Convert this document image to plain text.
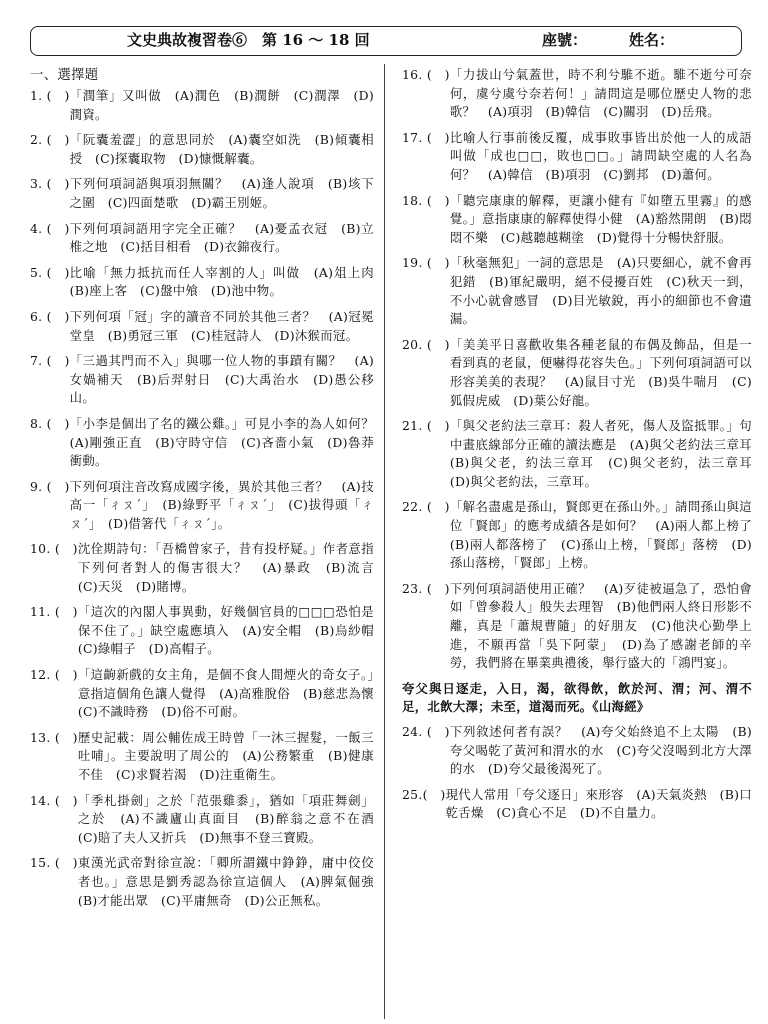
文史典故複習卷⑥　第 16 ～ 18 回	座號：	姓名：
一、選擇題
1. (　) 「潤筆」又叫做　(A)潤色　(B)潤餅　(C)潤澤　(D)潤資。
2. (　) 「阮囊羞澀」的意思同於　(A)囊空如洗　(B)傾囊相授　(C)探囊取物　(D)慷慨解囊。
3. (　) 下列何項詞語與項羽無關？　(A)逢人說項　(B)垓下之圍　(C)四面楚歌　(D)霸王別姬。
4. (　) 下列何項詞語用字完全正確？　(A)憂孟衣冠　(B)立椎之地　(C)括目相看　(D)衣錦夜行。
5. (　) 比喻「無力抵抗而任人宰割的人」叫做　(A)俎上肉　(B)座上客　(C)盤中飧　(D)池中物。
6. (　) 下列何項「冠」字的讀音不同於其他三者？　(A)冠冕堂皇　(B)勇冠三軍　(C)桂冠詩人　(D)沐猴而冠。
7. (　) 「三過其門而不入」與哪一位人物的事蹟有關？　(A)女媧補天　(B)后羿射日　(C)大禹治水　(D)愚公移山。
8. (　) 「小李是個出了名的鐵公雞。」可見小李的為人如何？　(A)剛強正直　(B)守時守信　(C)吝嗇小氣　(D)魯莽衝動。
9. (　) 下列何項注音改寫成國字後，異於其他三者？　(A)技高一「ㄔㄡˊ」　(B)綠野平「ㄔㄡˊ」　(C)拔得頭「ㄔㄡˊ」　(D)借箸代「ㄔㄡˊ」。
10. (　) 沈佺期詩句：「吾橋曾家子，昔有投杼疑。」作者意指下列何者對人的傷害很大？　(A)暴政　(B)流言　(C)天災　(D)賭博。
11. (　) 「這次的內閣人事異動，好幾個官員的□□□恐怕是保不住了。」缺空處應填入　(A)安全帽　(B)烏紗帽　(C)綠帽子　(D)高帽子。
12. (　) 「這齣新戲的女主角，是個不食人間煙火的奇女子。」意指這個角色讓人覺得　(A)高雅脫俗　(B)慈悲為懷　(C)不識時務　(D)俗不可耐。
13. (　) 歷史記載：周公輔佐成王時曾「一沐三握髮，一飯三吐哺」。主要說明了周公的　(A)公務繁重　(B)健康不佳　(C)求賢若渴　(D)注重衛生。
14. (　) 「季札掛劍」之於「范張雞黍」，猶如「項莊舞劍」之於　(A)不識廬山真面目　(B)醉翁之意不在酒　(C)賠了夫人又折兵　(D)無事不登三寶殿。
15. (　) 東漢光武帝對徐宣說：「卿所謂鐵中錚錚，庸中佼佼者也。」意思是劉秀認為徐宣這個人　(A)脾氣倔強　(B)才能出眾　(C)平庸無奇　(D)公正無私。
16. (　) 「力拔山兮氣蓋世，時不利兮騅不逝。騅不逝兮可奈何，虞兮虞兮奈若何！」請問這是哪位歷史人物的悲歌？　(A)項羽　(B)韓信　(C)關羽　(D)岳飛。
17. (　) 比喻人行事前後反覆，成事敗事皆出於他一人的成語叫做「成也□□，敗也□□。」請問缺空處的人名為何？　(A)韓信　(B)項羽　(C)劉邦　(D)蕭何。
18. (　) 「聽完康康的解釋，更讓小健有『如墮五里霧』的感覺。」意指康康的解釋使得小健　(A)豁然開朗　(B)悶悶不樂　(C)越聽越糊塗　(D)覺得十分暢快舒服。
19. (　) 「秋毫無犯」一詞的意思是　(A)只要細心，就不會再犯錯　(B)軍紀嚴明，絕不侵擾百姓　(C)秋天一到，不小心就會感冒　(D)目光敏銳，再小的細節也不會遺漏。
20. (　) 「美美平日喜歡收集各種老鼠的布偶及飾品，但是一看到真的老鼠，便嚇得花容失色。」下列何項詞語可以形容美美的表現？　(A)鼠目寸光　(B)吳牛喘月　(C)狐假虎威　(D)葉公好龍。
21. (　) 「與父老約法三章耳：殺人者死，傷人及盜抵罪。」句中畫底線部分正確的讀法應是　(A)與父老約法三章耳　(B)與父老，約法三章耳　(C)與父老約，法三章耳　(D)與父老約法，三章耳。
22. (　) 「解名盡處是孫山，賢郎更在孫山外。」請問孫山與這位「賢郎」的應考成績各是如何？　(A)兩人都上榜了　(B)兩人都落榜了　(C)孫山上榜，「賢郎」落榜　(D)孫山落榜，「賢郎」上榜。
23. (　) 下列何項詞語使用正確？　(A)歹徒被逼急了，恐怕會如「曾參殺人」般失去理智　(B)他們兩人終日形影不離，真是「蕭規曹隨」的好朋友　(C)他決心勤學上進，不願再當「吳下阿蒙」　(D)為了感謝老師的辛勞，我們將在畢業典禮後，舉行盛大的「鴻門宴」。
夸父與日逐走，入日，渴，欲得飲，飲於河、渭；河、渭不足，北飲大澤；未至，道渴而死。《山海經》
24. (　) 下列敘述何者有誤？　(A)夸父始終追不上太陽　(B)夸父喝乾了黃河和渭水的水　(C)夸父沒喝到北方大澤的水　(D)夸父最後渴死了。
25.(　) 現代人常用「夸父逐日」來形容　(A)天氣炎熱　(B)口乾舌燥　(C)貪心不足　(D)不自量力。
